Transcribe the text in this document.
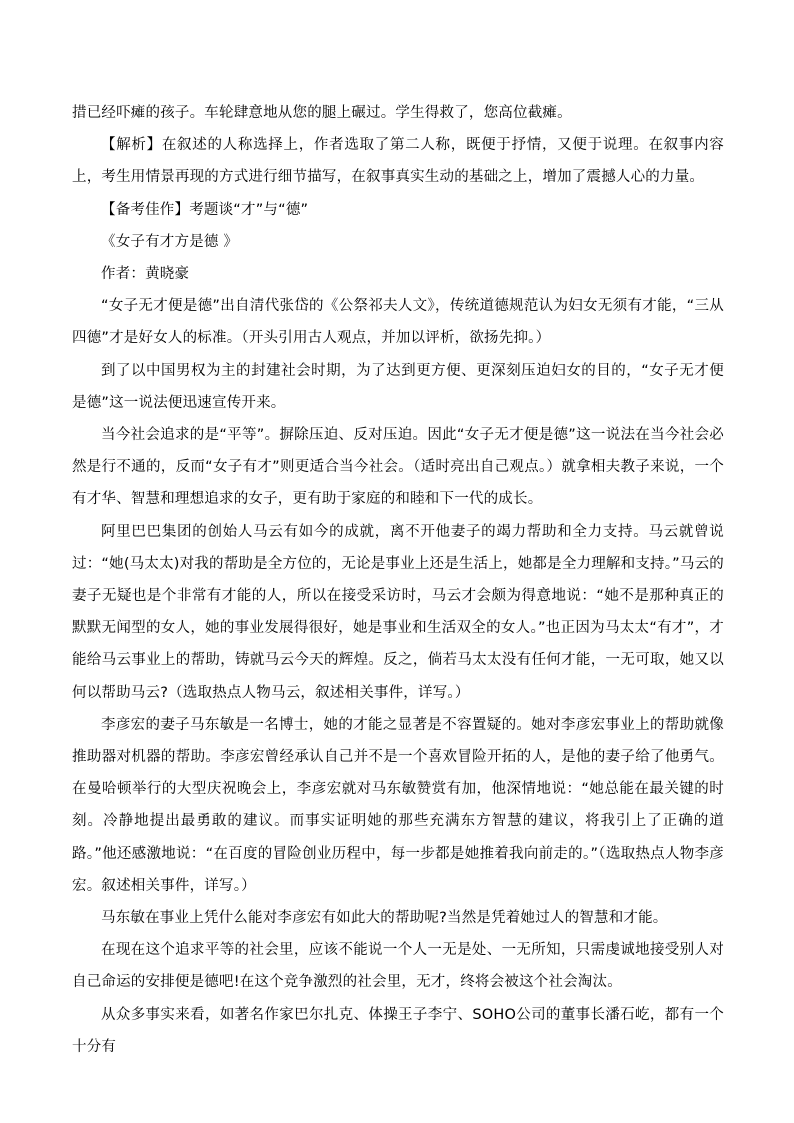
措已经吓瘫的孩子。车轮肆意地从您的腿上碾过。学生得救了，您高位截瘫。

【解析】在叙述的人称选择上，作者选取了第二人称，既便于抒情，又便于说理。在叙事内容上，考生用情景再现的方式进行细节描写，在叙事真实生动的基础之上，增加了震撼人心的力量。

【备考佳作】考题谈“才”与“德”

《女子有才方是德 》

作者：黄晓豪

“女子无才便是德”出自清代张岱的《公祭祁夫人文》，传统道德规范认为妇女无须有才能，“三从四德”才是好女人的标准。（开头引用古人观点，并加以评析，欲扬先抑。）

到了以中国男权为主的封建社会时期，为了达到更方便、更深刻压迫妇女的目的，“女子无才便是德”这一说法便迅速宣传开来。

当今社会追求的是“平等”。摒除压迫、反对压迫。因此“女子无才便是德”这一说法在当今社会必然是行不通的，反而“女子有才”则更适合当今社会。（适时亮出自己观点。）就拿相夫教子来说，一个有才华、智慧和理想追求的女子，更有助于家庭的和睦和下一代的成长。

阿里巴巴集团的创始人马云有如今的成就，离不开他妻子的竭力帮助和全力支持。马云就曾说过：“她(马太太)对我的帮助是全方位的，无论是事业上还是生活上，她都是全力理解和支持。”马云的妻子无疑也是个非常有才能的人，所以在接受采访时，马云才会颇为得意地说：“她不是那种真正的默默无闻型的女人，她的事业发展得很好，她是事业和生活双全的女人。”也正因为马太太“有才”，才能给马云事业上的帮助，铸就马云今天的辉煌。反之，倘若马太太没有任何才能，一无可取，她又以何以帮助马云?（选取热点人物马云，叙述相关事件，详写。）

李彦宏的妻子马东敏是一名博士，她的才能之显著是不容置疑的。她对李彦宏事业上的帮助就像推助器对机器的帮助。李彦宏曾经承认自己并不是一个喜欢冒险开拓的人，是他的妻子给了他勇气。在曼哈顿举行的大型庆祝晚会上，李彦宏就对马东敏赞赏有加，他深情地说：“她总能在最关键的时刻。冷静地提出最勇敢的建议。而事实证明她的那些充满东方智慧的建议，将我引上了正确的道路。”他还感激地说：“在百度的冒险创业历程中，每一步都是她推着我向前走的。”（选取热点人物李彦宏。叙述相关事件，详写。）

马东敏在事业上凭什么能对李彦宏有如此大的帮助呢?当然是凭着她过人的智慧和才能。

在现在这个追求平等的社会里，应该不能说一个人一无是处、一无所知，只需虔诚地接受别人对自己命运的安排便是德吧!在这个竞争激烈的社会里，无才，终将会被这个社会淘汰。

从众多事实来看，如著名作家巴尔扎克、体操王子李宁、SOHO公司的董事长潘石屹，都有一个十分有
